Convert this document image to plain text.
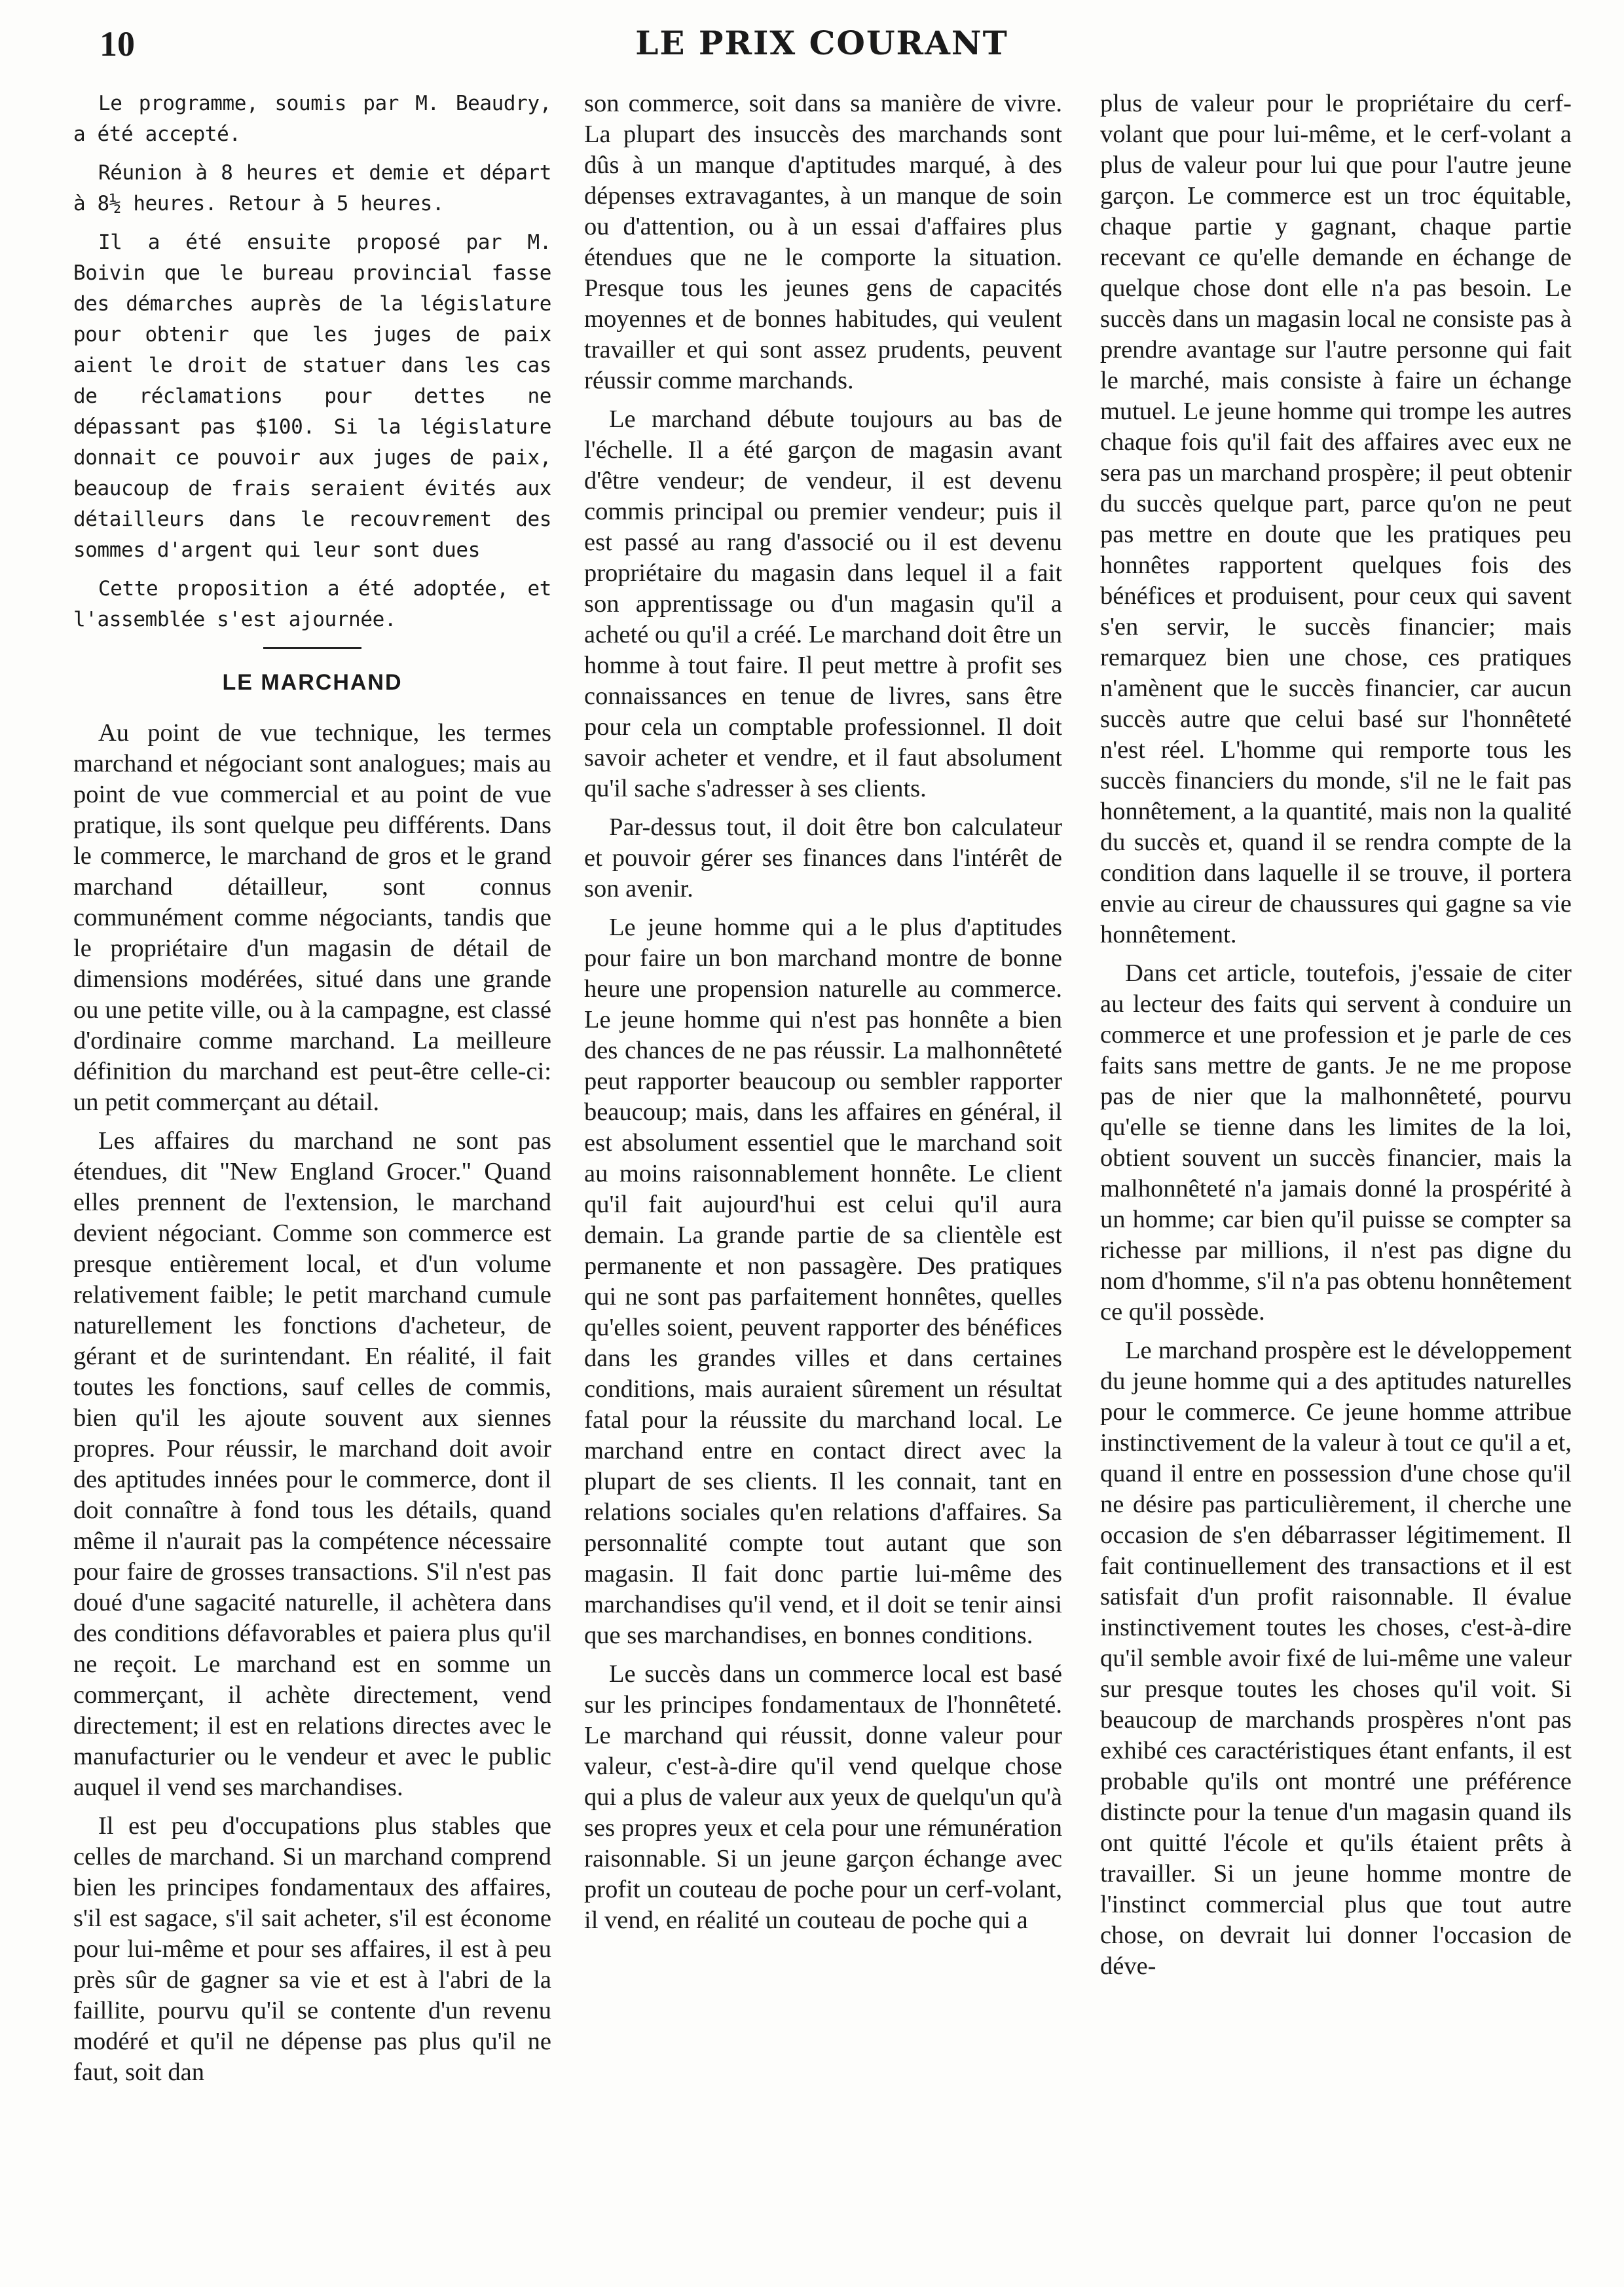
10	LE PRIX COURANT

Le programme, soumis par M. Beaudry, a été accepté.

Réunion à 8 heures et demie et départ à 8½ heures. Retour à 5 heures.

Il a été ensuite proposé par M. Boivin que le bureau provincial fasse des démarches auprès de la législature pour obtenir que les juges de paix aient le droit de statuer dans les cas de réclamations pour dettes ne dépassant pas $100. Si la législature donnait ce pouvoir aux juges de paix, beaucoup de frais seraient évités aux détailleurs dans le recouvrement des sommes d'argent qui leur sont dues

Cette proposition a été adoptée, et l'assemblée s'est ajournée.

LE MARCHAND

Au point de vue technique, les termes marchand et négociant sont analogues; mais au point de vue commercial et au point de vue pratique, ils sont quelque peu différents. Dans le commerce, le marchand de gros et le grand marchand détailleur, sont connus communément comme négociants, tandis que le propriétaire d'un magasin de détail de dimensions modérées, situé dans une grande ou une petite ville, ou à la campagne, est classé d'ordinaire comme marchand. La meilleure définition du marchand est peut-être celle-ci: un petit commerçant au détail.

Les affaires du marchand ne sont pas étendues, dit "New England Grocer." Quand elles prennent de l'extension, le marchand devient négociant. Comme son commerce est presque entièrement local, et d'un volume relativement faible; le petit marchand cumule naturellement les fonctions d'acheteur, de gérant et de surintendant. En réalité, il fait toutes les fonctions, sauf celles de commis, bien qu'il les ajoute souvent aux siennes propres. Pour réussir, le marchand doit avoir des aptitudes innées pour le commerce, dont il doit connaître à fond tous les détails, quand même il n'aurait pas la compétence nécessaire pour faire de grosses transactions. S'il n'est pas doué d'une sagacité naturelle, il achètera dans des conditions défavorables et paiera plus qu'il ne reçoit. Le marchand est en somme un commerçant, il achète directement, vend directement; il est en relations directes avec le manufacturier ou le vendeur et avec le public auquel il vend ses marchandises.

Il est peu d'occupations plus stables que celles de marchand. Si un marchand comprend bien les principes fondamentaux des affaires, s'il est sagace, s'il sait acheter, s'il est économe pour lui-même et pour ses affaires, il est à peu près sûr de gagner sa vie et est à l'abri de la faillite, pourvu qu'il se contente d'un revenu modéré et qu'il ne dépense pas plus qu'il ne faut, soit dan

son commerce, soit dans sa manière de vivre. La plupart des insuccès des marchands sont dûs à un manque d'aptitudes marqué, à des dépenses extravagantes, à un manque de soin ou d'attention, ou à un essai d'affaires plus étendues que ne le comporte la situation. Presque tous les jeunes gens de capacités moyennes et de bonnes habitudes, qui veulent travailler et qui sont assez prudents, peuvent réussir comme marchands.

Le marchand débute toujours au bas de l'échelle. Il a été garçon de magasin avant d'être vendeur; de vendeur, il est devenu commis principal ou premier vendeur; puis il est passé au rang d'associé ou il est devenu propriétaire du magasin dans lequel il a fait son apprentissage ou d'un magasin qu'il a acheté ou qu'il a créé. Le marchand doit être un homme à tout faire. Il peut mettre à profit ses connaissances en tenue de livres, sans être pour cela un comptable professionnel. Il doit savoir acheter et vendre, et il faut absolument qu'il sache s'adresser à ses clients.

Par-dessus tout, il doit être bon calculateur et pouvoir gérer ses finances dans l'intérêt de son avenir.

Le jeune homme qui a le plus d'aptitudes pour faire un bon marchand montre de bonne heure une propension naturelle au commerce. Le jeune homme qui n'est pas honnête a bien des chances de ne pas réussir. La malhonnêteté peut rapporter beaucoup ou sembler rapporter beaucoup; mais, dans les affaires en général, il est absolument essentiel que le marchand soit au moins raisonnablement honnête. Le client qu'il fait aujourd'hui est celui qu'il aura demain. La grande partie de sa clientèle est permanente et non passagère. Des pratiques qui ne sont pas parfaitement honnêtes, quelles qu'elles soient, peuvent rapporter des bénéfices dans les grandes villes et dans certaines conditions, mais auraient sûrement un résultat fatal pour la réussite du marchand local. Le marchand entre en contact direct avec la plupart de ses clients. Il les connait, tant en relations sociales qu'en relations d'affaires. Sa personnalité compte tout autant que son magasin. Il fait donc partie lui-même des marchandises qu'il vend, et il doit se tenir ainsi que ses marchandises, en bonnes conditions.

Le succès dans un commerce local est basé sur les principes fondamentaux de l'honnêteté. Le marchand qui réussit, donne valeur pour valeur, c'est-à-dire qu'il vend quelque chose qui a plus de valeur aux yeux de quelqu'un qu'à ses propres yeux et cela pour une rémunération raisonnable. Si un jeune garçon échange avec profit un couteau de poche pour un cerf-volant, il vend, en réalité un couteau de poche qui a

plus de valeur pour le propriétaire du cerf-volant que pour lui-même, et le cerf-volant a plus de valeur pour lui que pour l'autre jeune garçon. Le commerce est un troc équitable, chaque partie y gagnant, chaque partie recevant ce qu'elle demande en échange de quelque chose dont elle n'a pas besoin. Le succès dans un magasin local ne consiste pas à prendre avantage sur l'autre personne qui fait le marché, mais consiste à faire un échange mutuel. Le jeune homme qui trompe les autres chaque fois qu'il fait des affaires avec eux ne sera pas un marchand prospère; il peut obtenir du succès quelque part, parce qu'on ne peut pas mettre en doute que les pratiques peu honnêtes rapportent quelques fois des bénéfices et produisent, pour ceux qui savent s'en servir, le succès financier; mais remarquez bien une chose, ces pratiques n'amènent que le succès financier, car aucun succès autre que celui basé sur l'honnêteté n'est réel. L'homme qui remporte tous les succès financiers du monde, s'il ne le fait pas honnêtement, a la quantité, mais non la qualité du succès et, quand il se rendra compte de la condition dans laquelle il se trouve, il portera envie au cireur de chaussures qui gagne sa vie honnêtement.

Dans cet article, toutefois, j'essaie de citer au lecteur des faits qui servent à conduire un commerce et une profession et je parle de ces faits sans mettre de gants. Je ne me propose pas de nier que la malhonnêteté, pourvu qu'elle se tienne dans les limites de la loi, obtient souvent un succès financier, mais la malhonnêteté n'a jamais donné la prospérité à un homme; car bien qu'il puisse se compter sa richesse par millions, il n'est pas digne du nom d'homme, s'il n'a pas obtenu honnêtement ce qu'il possède.

Le marchand prospère est le développement du jeune homme qui a des aptitudes naturelles pour le commerce. Ce jeune homme attribue instinctivement de la valeur à tout ce qu'il a et, quand il entre en possession d'une chose qu'il ne désire pas particulièrement, il cherche une occasion de s'en débarrasser légitimement. Il fait continuellement des transactions et il est satisfait d'un profit raisonnable. Il évalue instinctivement toutes les choses, c'est-à-dire qu'il semble avoir fixé de lui-même une valeur sur presque toutes les choses qu'il voit. Si beaucoup de marchands prospères n'ont pas exhibé ces caractéristiques étant enfants, il est probable qu'ils ont montré une préférence distincte pour la tenue d'un magasin quand ils ont quitté l'école et qu'ils étaient prêts à travailler. Si un jeune homme montre de l'instinct commercial plus que tout autre chose, on devrait lui donner l'occasion de déve-
